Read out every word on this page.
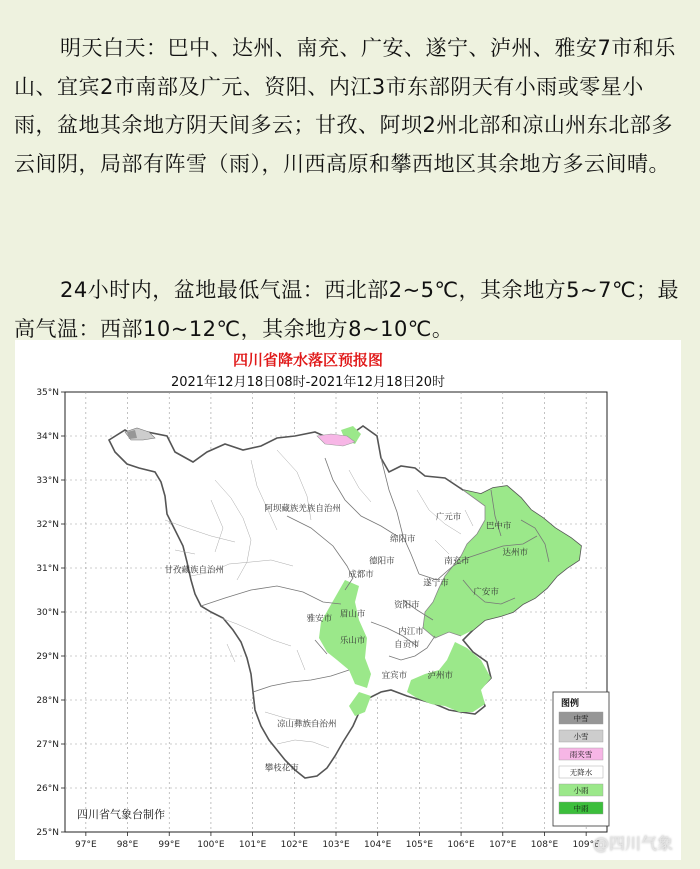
明天白天：巴中、达州、南充、广安、遂宁、泸州、雅安7市和乐山、宜宾2市南部及广元、资阳、内江3市东部阴天有小雨或零星小雨，盆地其余地方阴天间多云；甘孜、阿坝2州北部和凉山州东北部多云间阴，局部有阵雪（雨），川西高原和攀西地区其余地方多云间晴。

24小时内，盆地最低气温：西北部2~5℃，其余地方5~7℃；最高气温：西部10~12℃，其余地方8~10℃。

四川省降水落区预报图
2021年12月18日08时-2021年12月18日20时
35°N
34°N
33°N
32°N
31°N
30°N
29°N
28°N
27°N
26°N
25°N
97°E 98°E 99°E 100°E 101°E 102°E 103°E 104°E 105°E 106°E 107°E 108°E 109°E
阿坝藏族羌族自治州
甘孜藏族自治州
凉山彝族自治州
广元市
巴中市
绵阳市
达州市
南充市
德阳市
成都市
遂宁市
广安市
资阳市
眉山市
雅安市
内江市
乐山市	自贡市
宜宾市 泸州市
攀枝花市
图例
中雪
小雪
雨夹雪
无降水
小雨
中雨
四川省气象台制作
@四川气象
